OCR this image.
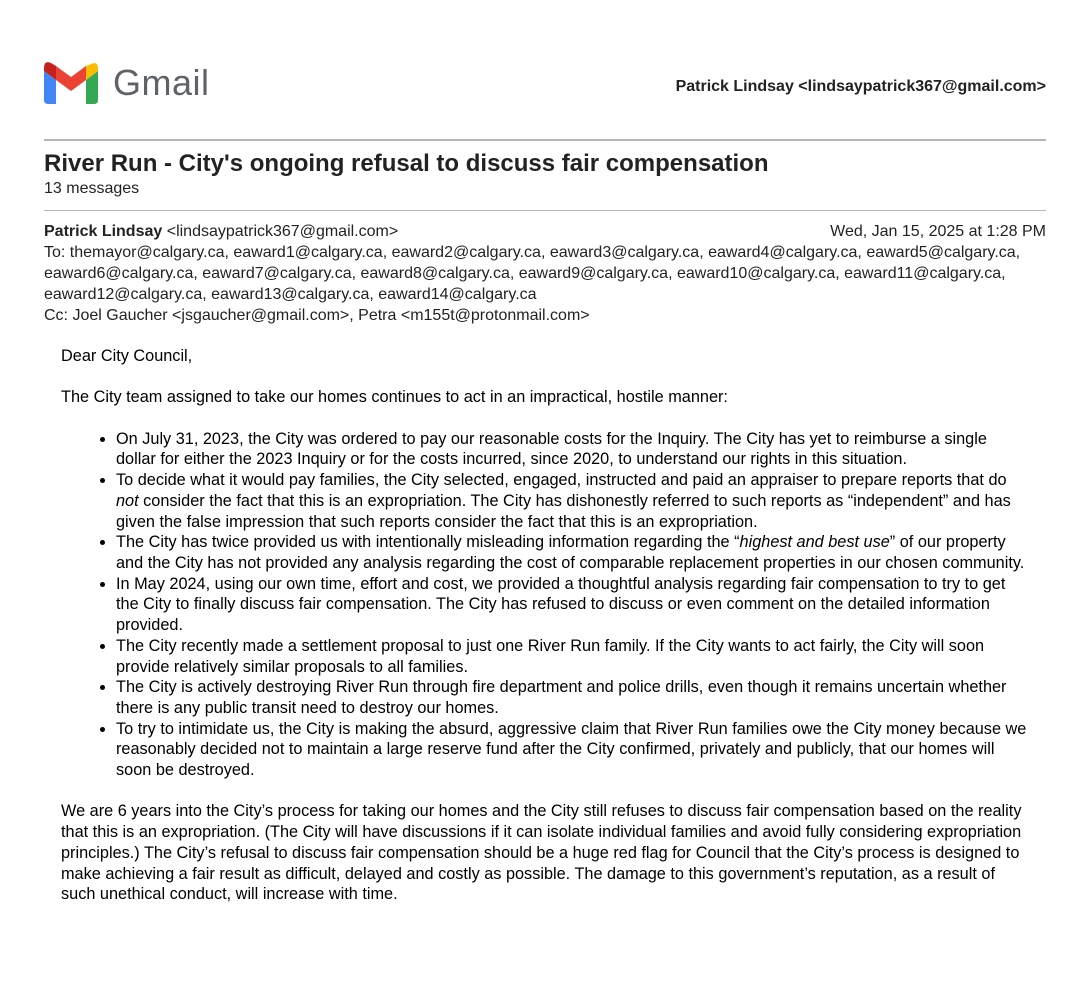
Gmail	Patrick Lindsay <lindsaypatrick367@gmail.com>
River Run - City's ongoing refusal to discuss fair compensation
13 messages
Patrick Lindsay <lindsaypatrick367@gmail.com>	Wed, Jan 15, 2025 at 1:28 PM
To: themayor@calgary.ca, eaward1@calgary.ca, eaward2@calgary.ca, eaward3@calgary.ca, eaward4@calgary.ca, eaward5@calgary.ca, eaward6@calgary.ca, eaward7@calgary.ca, eaward8@calgary.ca, eaward9@calgary.ca, eaward10@calgary.ca, eaward11@calgary.ca, eaward12@calgary.ca, eaward13@calgary.ca, eaward14@calgary.ca
Cc: Joel Gaucher <jsgaucher@gmail.com>, Petra <m155t@protonmail.com>

Dear City Council,

The City team assigned to take our homes continues to act in an impractical, hostile manner:

• On July 31, 2023, the City was ordered to pay our reasonable costs for the Inquiry. The City has yet to reimburse a single dollar for either the 2023 Inquiry or for the costs incurred, since 2020, to understand our rights in this situation.
• To decide what it would pay families, the City selected, engaged, instructed and paid an appraiser to prepare reports that do not consider the fact that this is an expropriation. The City has dishonestly referred to such reports as “independent” and has given the false impression that such reports consider the fact that this is an expropriation.
• The City has twice provided us with intentionally misleading information regarding the “highest and best use” of our property and the City has not provided any analysis regarding the cost of comparable replacement properties in our chosen community.
• In May 2024, using our own time, effort and cost, we provided a thoughtful analysis regarding fair compensation to try to get the City to finally discuss fair compensation. The City has refused to discuss or even comment on the detailed information provided.
• The City recently made a settlement proposal to just one River Run family. If the City wants to act fairly, the City will soon provide relatively similar proposals to all families.
• The City is actively destroying River Run through fire department and police drills, even though it remains uncertain whether there is any public transit need to destroy our homes.
• To try to intimidate us, the City is making the absurd, aggressive claim that River Run families owe the City money because we reasonably decided not to maintain a large reserve fund after the City confirmed, privately and publicly, that our homes will soon be destroyed.

We are 6 years into the City’s process for taking our homes and the City still refuses to discuss fair compensation based on the reality that this is an expropriation. (The City will have discussions if it can isolate individual families and avoid fully considering expropriation principles.) The City’s refusal to discuss fair compensation should be a huge red flag for Council that the City’s process is designed to make achieving a fair result as difficult, delayed and costly as possible. The damage to this government’s reputation, as a result of such unethical conduct, will increase with time.
